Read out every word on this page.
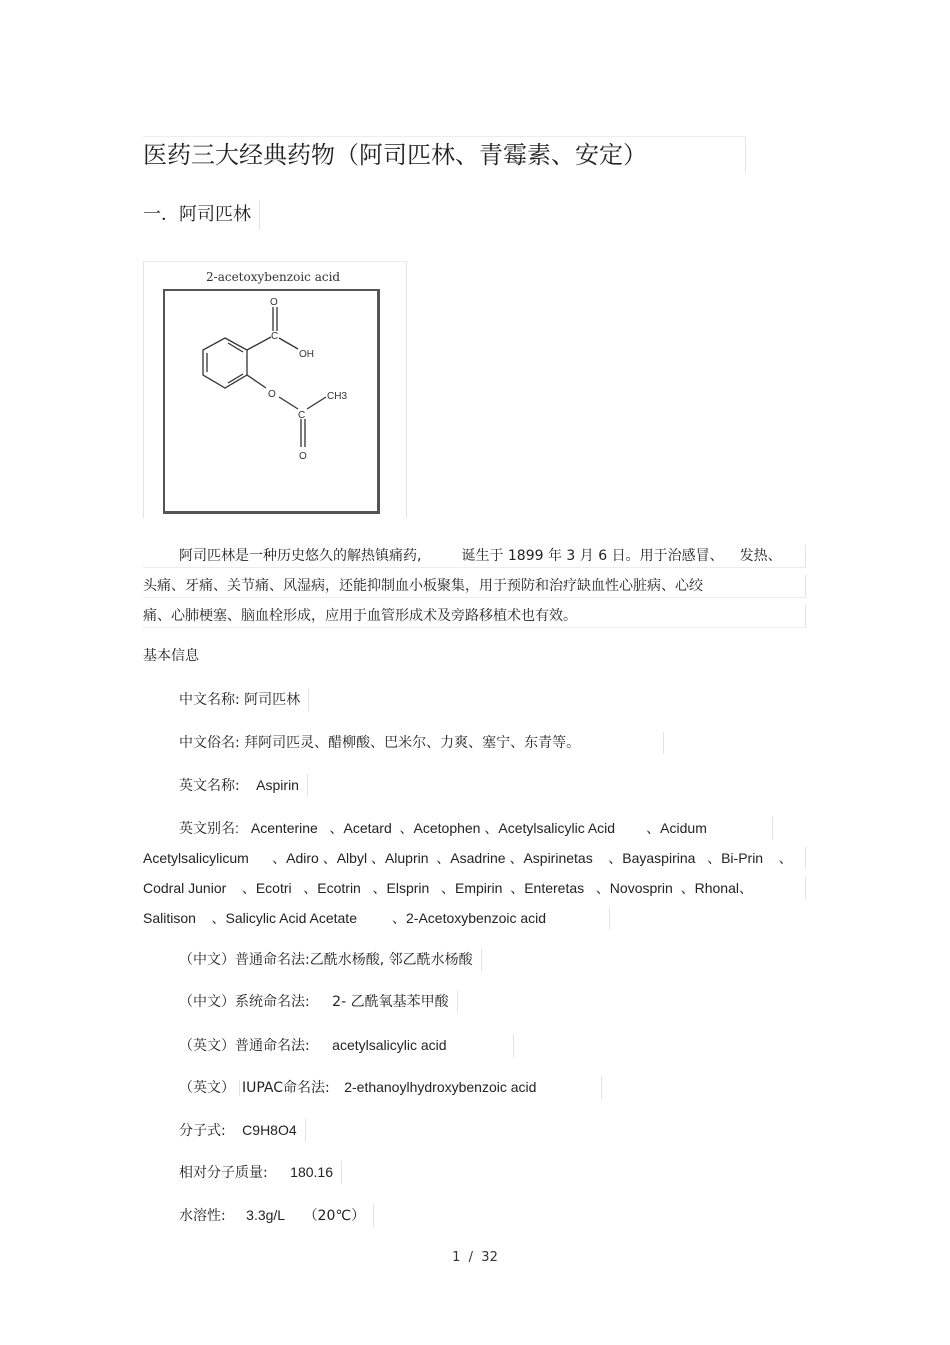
医药三大经典药物（阿司匹林、青霉素、安定）
一．阿司匹林
2-acetoxybenzoic acid
O
C
OH
O
C
CH3
O
阿司匹林是一种历史悠久的解热镇痛药,	诞生于 1899 年 3 月 6 日。用于治感冒、 发热、
头痛、牙痛、关节痛、风湿病，还能抑制血小板聚集，用于预防和治疗缺血性心脏病、心绞
痛、心肺梗塞、脑血栓形成，应用于血管形成术及旁路移植术也有效。
基本信息
中文名称: 阿司匹林
中文俗名: 拜阿司匹灵、醋柳酸、巴米尔、力爽、塞宁、东青等。
英文名称: Aspirin
英文别名: Acenterine   、Acetard  、Acetophen 、Acetylsalicylic Acid        、Acidum
Acetylsalicylicum      、Adiro 、Albyl 、Aluprin  、Asadrine 、Aspirinetas    、Bayaspirina   、Bi-Prin    、
Codral Junior    、Ecotri   、Ecotrin   、Elsprin   、Empirin  、Enteretas   、Novosprin  、Rhonal、
Salitison    、Salicylic Acid Acetate         、2-Acetoxybenzoic acid
（中文）普通命名法:乙酰水杨酸, 邻乙酰水杨酸
（中文）系统命名法: 2- 乙酰氧基苯甲酸
（英文）普通命名法: acetylsalicylic acid
（英文） IUPAC命名法: 2-ethanoylhydroxybenzoic acid
分子式: C9H8O4
相对分子质量: 180.16
水溶性: 3.3g/L （20℃）
1  /  32
